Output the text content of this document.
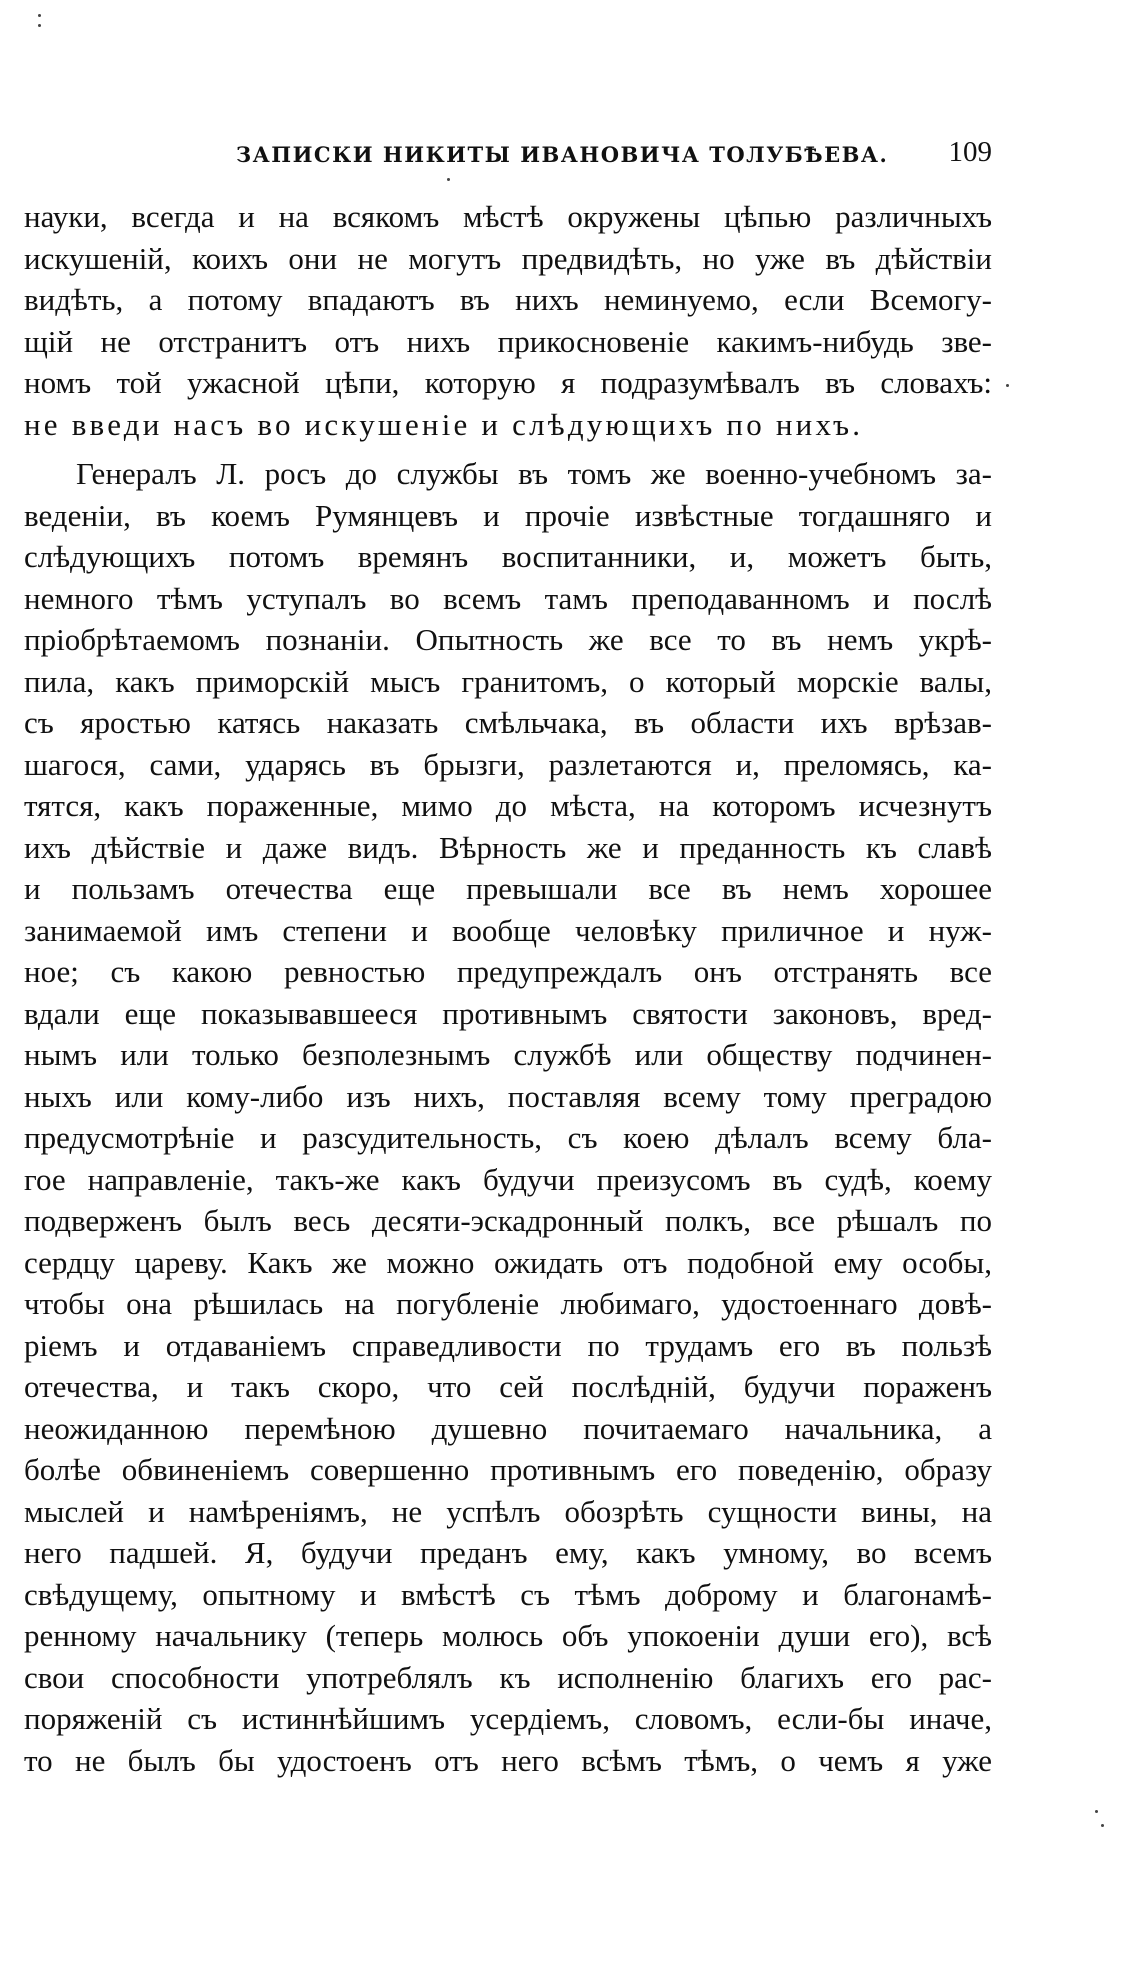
ЗАПИСКИ НИКИТЫ ИВАНОВИЧА ТОЛУБѢЕВА. 109
науки, всегда и на всякомъ мѣстѣ окружены цѣпью различныхъ
искушеній, коихъ они не могутъ предвидѣть, но уже въ дѣйствіи
видѣть, а потому впадаютъ въ нихъ неминуемо, если Всемогу-
щій не отстранитъ отъ нихъ прикосновеніе какимъ-нибудь зве-
номъ той ужасной цѣпи, которую я подразумѣвалъ въ словахъ:
не введи насъ во искушеніе и слѣдующихъ по нихъ.
Генералъ Л. росъ до службы въ томъ же военно-учебномъ за-
веденіи, въ коемъ Румянцевъ и прочіе извѣстные тогдашняго и
слѣдующихъ потомъ времянъ воспитанники, и, можетъ быть,
немного тѣмъ уступалъ во всемъ тамъ преподаванномъ и послѣ
пріобрѣтаемомъ познаніи. Опытность же все то въ немъ укрѣ-
пила, какъ приморскій мысъ гранитомъ, о который морскіе валы,
съ яростью катясь наказать смѣльчака, въ области ихъ врѣзав-
шагося, сами, ударясь въ брызги, разлетаются и, преломясь, ка-
тятся, какъ пораженные, мимо до мѣста, на которомъ исчезнутъ
ихъ дѣйствіе и даже видъ. Вѣрность же и преданность къ славѣ
и пользамъ отечества еще превышали все въ немъ хорошее
занимаемой имъ степени и вообще человѣку приличное и нуж-
ное; съ какою ревностью предупреждалъ онъ отстранять все
вдали еще показывавшееся противнымъ святости законовъ, вред-
нымъ или только безполезнымъ службѣ или обществу подчинен-
ныхъ или кому-либо изъ нихъ, поставляя всему тому преградою
предусмотрѣніе и разсудительность, съ коею дѣлалъ всему бла-
гое направленіе, такъ-же какъ будучи преизусомъ въ судѣ, коему
подверженъ былъ весь десяти-эскадронный полкъ, все рѣшалъ по
сердцу цареву. Какъ же можно ожидать отъ подобной ему особы,
чтобы она рѣшилась на погубленіе любимаго, удостоеннаго довѣ-
ріемъ и отдаваніемъ справедливости по трудамъ его въ пользѣ
отечества, и такъ скоро, что сей послѣдній, будучи пораженъ
неожиданною перемѣною душевно почитаемаго начальника, а
болѣе обвиненіемъ совершенно противнымъ его поведенію, образу
мыслей и намѣреніямъ, не успѣлъ обозрѣть сущности вины, на
него падшей. Я, будучи преданъ ему, какъ умному, во всемъ
свѣдущему, опытному и вмѣстѣ съ тѣмъ доброму и благонамѣ-
ренному начальнику (теперь молюсь объ упокоеніи души его), всѣ
свои способности употреблялъ къ исполненію благихъ его рас-
поряженій съ истиннѣйшимъ усердіемъ, словомъ, если-бы иначе,
то не былъ бы удостоенъ отъ него всѣмъ тѣмъ, о чемъ я уже
